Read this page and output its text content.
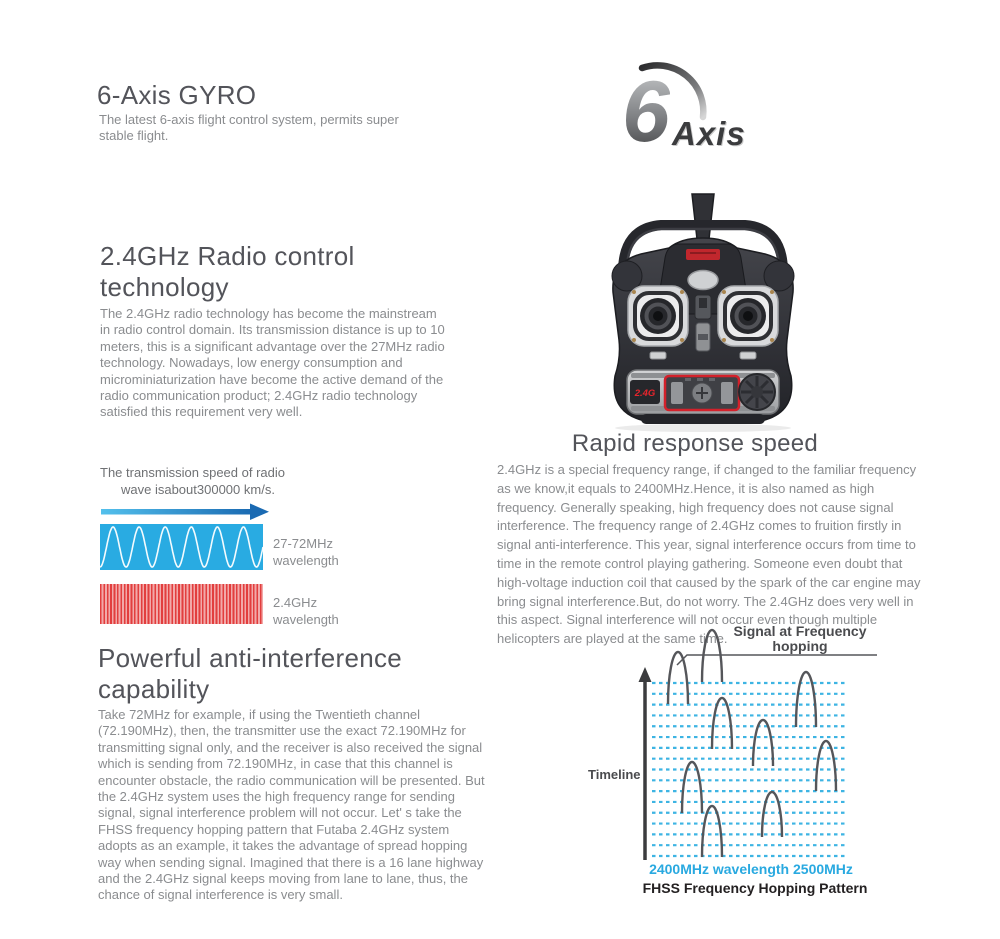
6-Axis GYRO

The latest 6-axis flight control system, permits super stable flight.	6 Axis
2.4GHz Radio control technology

The 2.4GHz radio technology has become the mainstream in radio control domain. Its transmission distance is up to 10 meters, this is a significant advantage over the 27MHz radio technology. Nowadays, low energy consumption and microminiaturization have become the active demand of the radio communication product; 2.4GHz radio technology satisfied this requirement very well.

2.4G
Rapid response speed

2.4GHz is a special frequency range, if changed to the familiar frequency as we know,it equals to 2400MHz.Hence, it is also named as high frequency. Generally speaking, high frequency does not cause signal interference. The frequency range of 2.4GHz comes to fruition firstly in signal anti-interference. This year, signal interference occurs from time to time in the remote control playing gathering. Someone even doubt that high-voltage induction coil that caused by the spark of the car engine may bring signal interference.But, do not worry. The 2.4GHz does very well in this aspect. Signal interference will not occur even though multiple helicopters are played at the same time.

The transmission speed of radio

wave isabout300000 km/s.

27-72MHz

wavelength

2.4GHz

wavelength

Powerful anti-interference capability

Take 72MHz for example, if using the Twentieth channel (72.190MHz), then, the transmitter use the exact 72.190MHz for transmitting signal only, and the receiver is also received the signal which is sending from 72.190MHz, in case that this channel is encounter obstacle, the radio communication will be presented. But the 2.4GHz system uses the high frequency range for sending signal, signal interference problem will not occur. Let' s take the FHSS frequency hopping pattern that Futaba 2.4GHz system adopts as an example, it takes the advantage of spread hopping way when sending signal. Imagined that there is a 16 lane highway and the 2.4GHz signal keeps moving from lane to lane, thus, the chance of signal interference is very small.

Signal at Frequency
hopping
Timeline
2400MHz wavelength 2500MHz
FHSS Frequency Hopping Pattern
